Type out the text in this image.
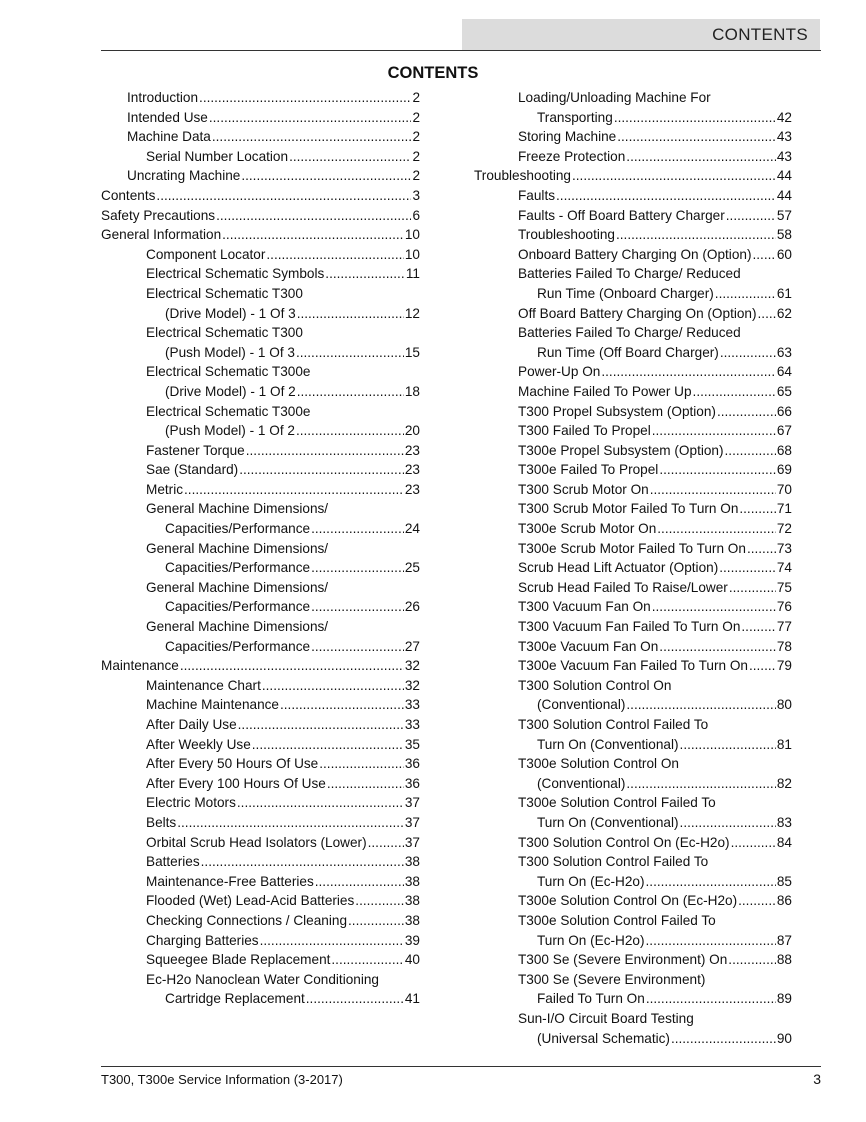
CONTENTS
CONTENTS
Introduction .....	2
Intended Use .....	2
Machine Data .....	2
Serial Number Location .....	2
Uncrating Machine .....	2
Contents .....	3
Safety Precautions .....	6
General Information .....	10
Component Locator .....	10
Electrical Schematic Symbols .....	11
Electrical Schematic T300
(Drive Model) - 1 Of 3 .....	12
Electrical Schematic T300
(Push Model) - 1 Of 3 .....	15
Electrical Schematic T300e
(Drive Model) - 1 Of 2 .....	18
Electrical Schematic T300e
(Push Model) - 1 Of 2 .....	20
Fastener Torque .....	23
Sae (Standard) .....	23
Metric .....	23
General Machine Dimensions/
Capacities/Performance .....	24
General Machine Dimensions/
Capacities/Performance .....	25
General Machine Dimensions/
Capacities/Performance .....	26
General Machine Dimensions/
Capacities/Performance .....	27
Maintenance .....	32
Maintenance Chart .....	32
Machine Maintenance .....	33
After Daily Use .....	33
After Weekly Use .....	35
After Every 50 Hours Of Use .....	36
After Every 100 Hours Of Use .....	36
Electric Motors .....	37
Belts .....	37
Orbital Scrub Head Isolators (Lower) .....	37
Batteries .....	38
Maintenance-Free Batteries .....	38
Flooded (Wet) Lead-Acid Batteries .....	38
Checking Connections / Cleaning .....	38
Charging Batteries .....	39
Squeegee Blade Replacement .....	40
Ec-H2o Nanoclean Water Conditioning
Cartridge Replacement .....	41
Loading/Unloading Machine For
Transporting .....	42
Storing Machine .....	43
Freeze Protection .....	43
Troubleshooting .....	44
Faults .....	44
Faults - Off Board Battery Charger .....	57
Troubleshooting .....	58
Onboard Battery Charging On (Option) ..... 60
Batteries Failed To Charge/ Reduced
Run Time (Onboard Charger) .....	61
Off Board Battery Charging On (Option) ..... 62
Batteries Failed To Charge/ Reduced
Run Time (Off Board Charger) .....	63
Power-Up On .....	64
Machine Failed To Power Up .....	65
T300 Propel Subsystem (Option) .....	66
T300 Failed To Propel .....	67
T300e Propel Subsystem (Option) .....	68
T300e Failed To Propel .....	69
T300 Scrub Motor On .....	70
T300 Scrub Motor Failed To Turn On .....	71
T300e Scrub Motor On .....	72
T300e Scrub Motor Failed To Turn On ..... 73
Scrub Head Lift Actuator (Option) .....	74
Scrub Head Failed To Raise/Lower .....	75
T300 Vacuum Fan On .....	76
T300 Vacuum Fan Failed To Turn On .....	77
T300e Vacuum Fan On .....	78
T300e Vacuum Fan Failed To Turn On ..... 79
T300 Solution Control On
(Conventional) .....	80
T300 Solution Control Failed To
Turn On (Conventional) .....	81
T300e Solution Control On
(Conventional) .....	82
T300e Solution Control Failed To
Turn On (Conventional) .....	83
T300 Solution Control On (Ec-H2o) .....	84
T300 Solution Control Failed To
Turn On (Ec-H2o) .....	85
T300e Solution Control On (Ec-H2o) .....	86
T300e Solution Control Failed To
Turn On (Ec-H2o) .....	87
T300 Se (Severe Environment) On .....	88
T300 Se (Severe Environment)
Failed To Turn On .....	89
Sun-I/O Circuit Board Testing
(Universal Schematic) .....	90
T300, T300e Service Information (3-2017)	3
